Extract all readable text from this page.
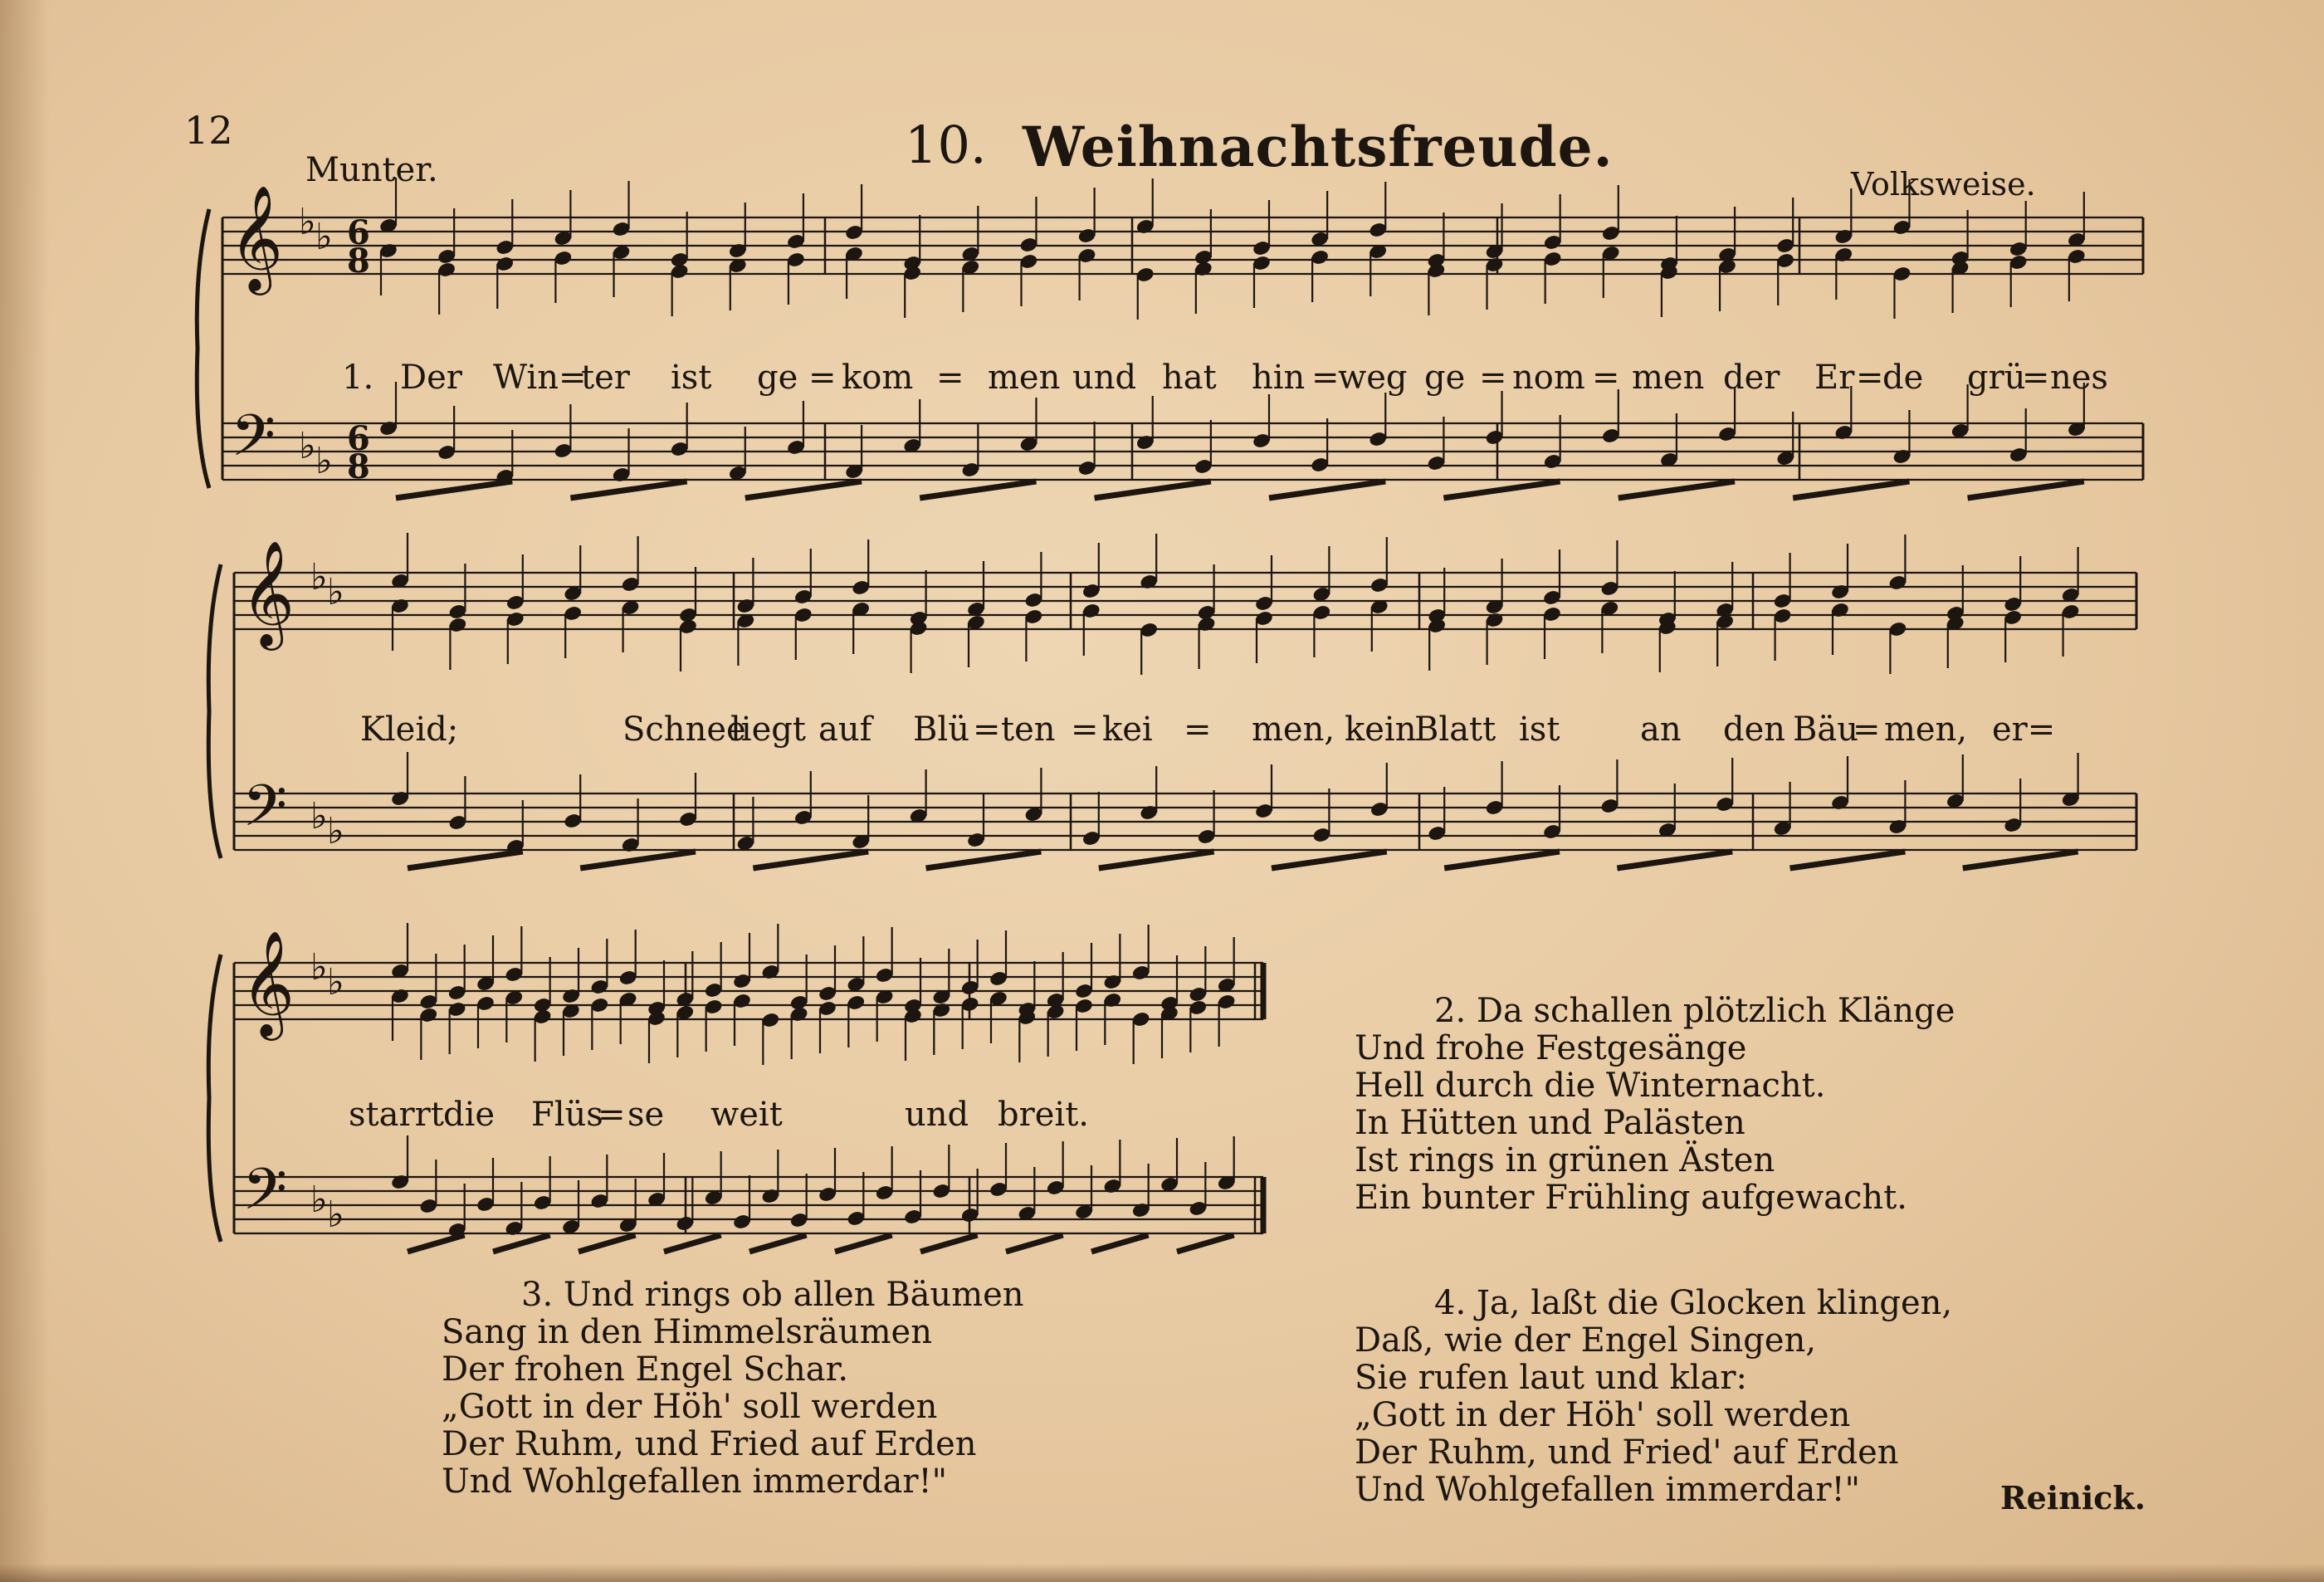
12
Munter.	10. Weihnachtsfreude.
Volksweise.
𝄞
𝄢
♭
♭
♭
♭
𝄞
𝄢
♭
♭
♭
♭
𝄞
𝄢
♭
♭
♭
♭
6
8
6
8
1. Der Win=
ter ist ge = kom = men und hat hin =
weg ge = nom = men der Er =
de grü
= nes
Kleid;	Schnee
liegt auf Blü = ten = kei = men, kein
Blatt ist an den Bäu
= men, er=
starrt die Flüs
= se weit	und breit.
2. Da schallen plötzlich Klänge
Und frohe Festgesänge
Hell durch die Winternacht.
In Hütten und Palästen
Ist rings in grünen Ästen
Ein bunter Frühling aufgewacht.
3. Und rings ob allen Bäumen
Sang in den Himmelsräumen
Der frohen Engel Schar.
„Gott in der Höh' soll werden
Der Ruhm, und Fried auf Erden
Und Wohlgefallen immerdar!"
4. Ja, laßt die Glocken klingen,
Daß, wie der Engel Singen,
Sie rufen laut und klar:
„Gott in der Höh' soll werden
Der Ruhm, und Fried' auf Erden
Und Wohlgefallen immerdar!"	Reinick.
